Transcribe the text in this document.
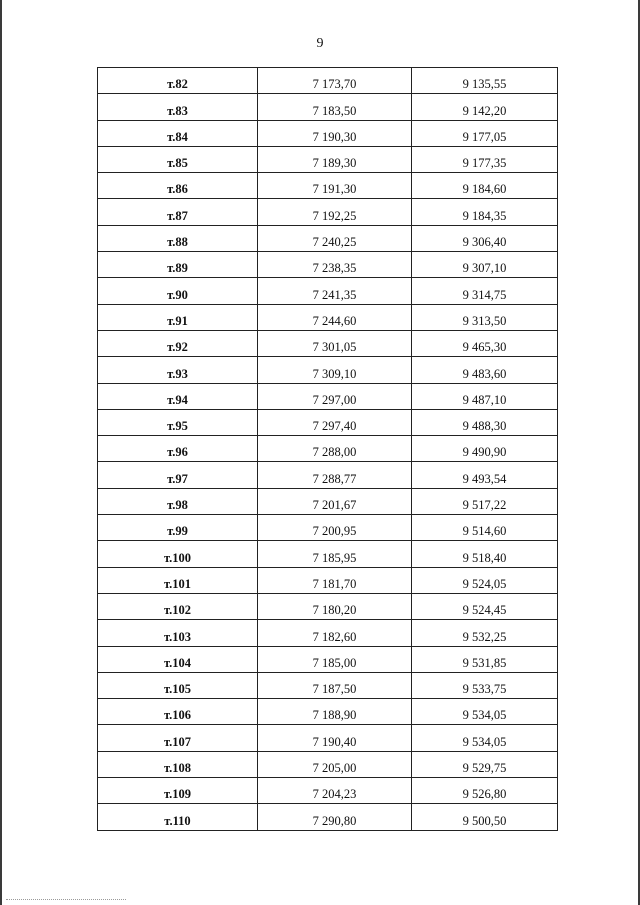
9
т.82	7 173,70	9 135,55
т.83	7 183,50	9 142,20
т.84	7 190,30	9 177,05
т.85	7 189,30	9 177,35
т.86	7 191,30	9 184,60
т.87	7 192,25	9 184,35
т.88	7 240,25	9 306,40
т.89	7 238,35	9 307,10
т.90	7 241,35	9 314,75
т.91	7 244,60	9 313,50
т.92	7 301,05	9 465,30
т.93	7 309,10	9 483,60
т.94	7 297,00	9 487,10
т.95	7 297,40	9 488,30
т.96	7 288,00	9 490,90
т.97	7 288,77	9 493,54
т.98	7 201,67	9 517,22
т.99	7 200,95	9 514,60
т.100	7 185,95	9 518,40
т.101	7 181,70	9 524,05
т.102	7 180,20	9 524,45
т.103	7 182,60	9 532,25
т.104	7 185,00	9 531,85
т.105	7 187,50	9 533,75
т.106	7 188,90	9 534,05
т.107	7 190,40	9 534,05
т.108	7 205,00	9 529,75
т.109	7 204,23	9 526,80
т.110	7 290,80	9 500,50
